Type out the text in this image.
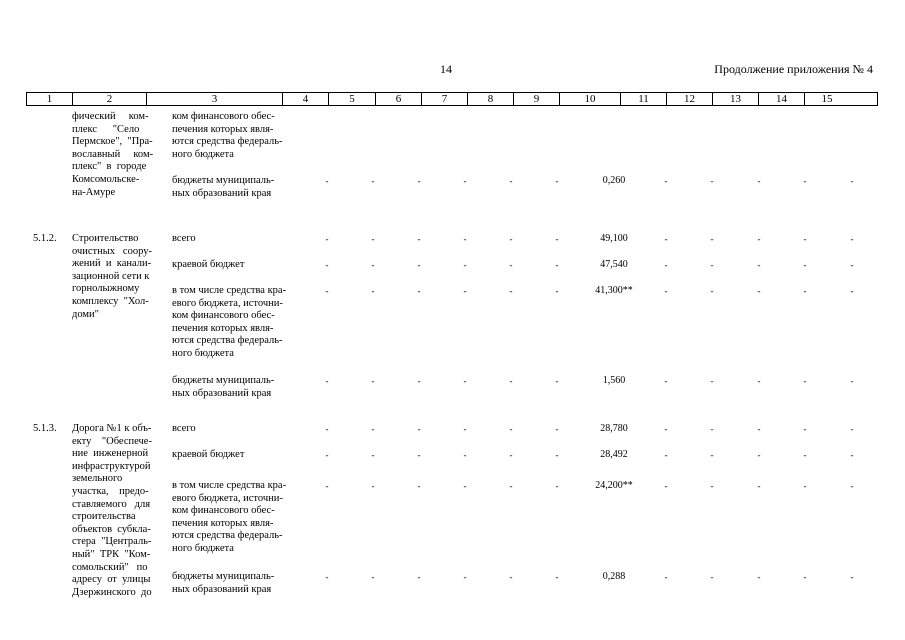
14	Продолжение приложения № 4
1	2	3	4	5	6	7	8	9	10	11	12	13	14	15
фический     ком-
плекс      "Село
Пермское",  "Пра-
вославный     ком-
плекс"  в  городе
Комсомольске-
на-Амуре
ком финансового обес-
печения которых явля-
ются средства федераль-
ного бюджета
бюджеты муниципаль-
ных образований края
-	-	-	-	-	-	0,260	-	-	-	-	-
5.1.2. Строительство
очистных   соору-
жений  и  канали-
зационной сети к
горнолыжному
комплексу  "Хол-
доми"
всего	-	-	-	-	-	-	49,100	-	-	-	-	-
краевой бюджет	-	-	-	-	-	-	47,540	-	-	-	-	-
в том числе средства кра-
евого бюджета, источни-
ком финансового обес-
печения которых явля-
ются средства федераль-
ного бюджета
-	-	-	-	-	-	41,300**	-	-	-	-	-
бюджеты муниципаль-
ных образований края
-	-	-	-	-	-	1,560	-	-	-	-	-
5.1.3. Дорога №1 к объ-
екту    "Обеспече-
ние  инженерной
инфраструктурой
земельного
участка,    предо-
ставляемого   для
строительства
объектов  субкла-
стера  "Централь-
ный"  ТРК  "Ком-
сомольский"   по
адресу  от  улицы
Дзержинского  до
всего	-	-	-	-	-	-	28,780	-	-	-	-	-
краевой бюджет	-	-	-	-	-	-	28,492	-	-	-	-	-
в том числе средства кра-
евого бюджета, источни-
ком финансового обес-
печения которых явля-
ются средства федераль-
ного бюджета
-	-	-	-	-	-	24,200**	-	-	-	-	-
бюджеты муниципаль-
ных образований края
-	-	-	-	-	-	0,288	-	-	-	-	-
